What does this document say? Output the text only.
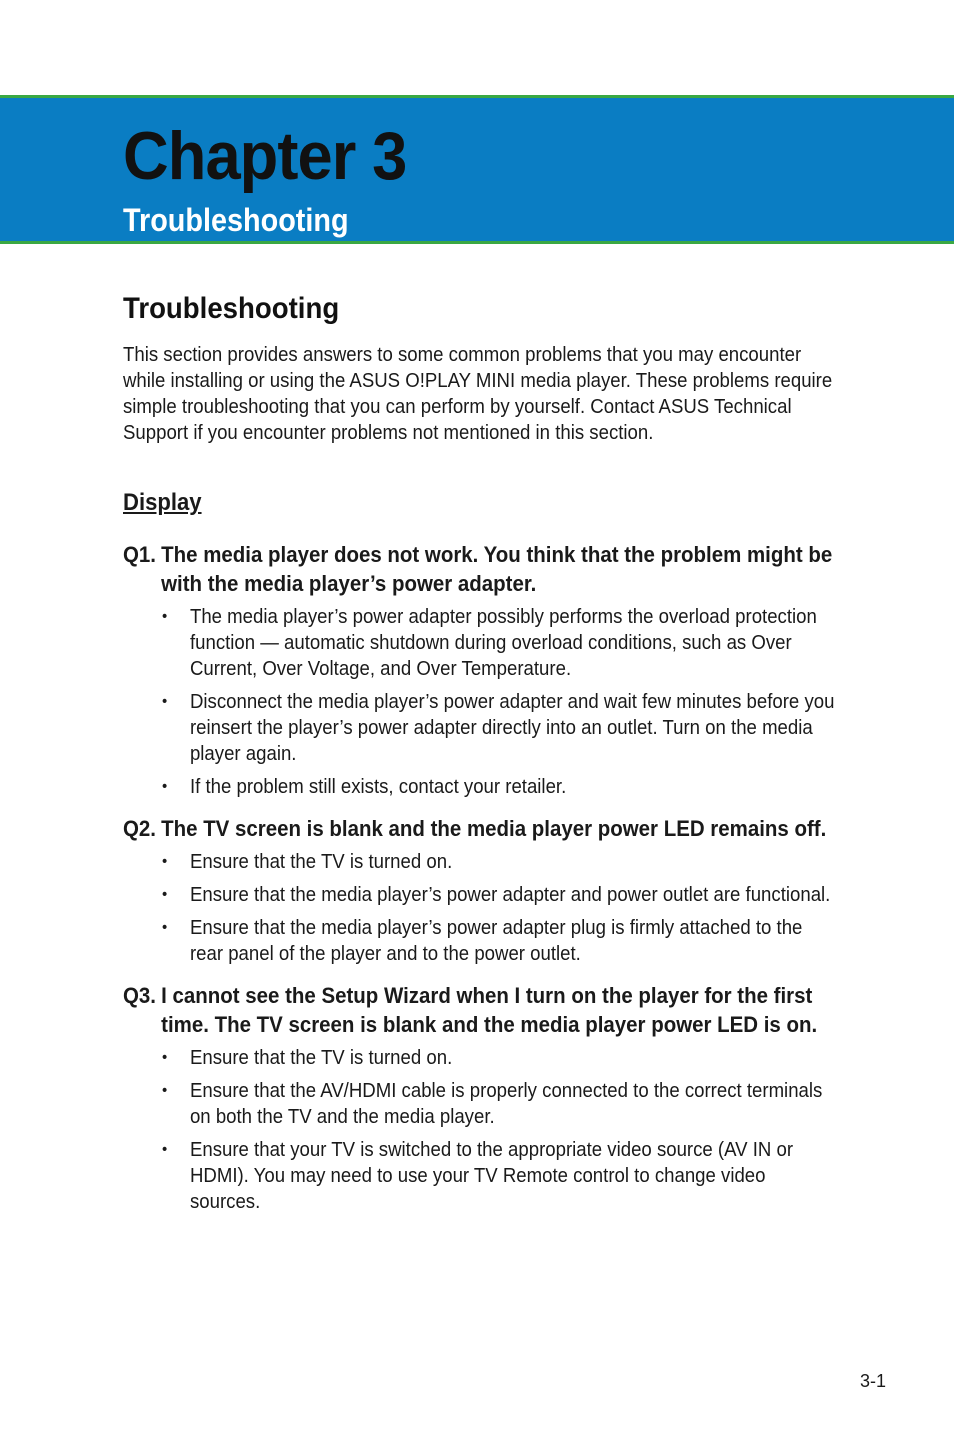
Chapter 3
Troubleshooting
Troubleshooting

This section provides answers to some common problems that you may encounter while installing or using the ASUS O!PLAY MINI media player. These problems require simple troubleshooting that you can perform by yourself. Contact ASUS Technical Support if you encounter problems not mentioned in this section.

Display
Q1. The media player does not work. You think that the problem might be with the media player’s power adapter.
•	The media player’s power adapter possibly performs the overload protection function — automatic shutdown during overload conditions, such as Over Current, Over Voltage, and Over Temperature.
•	Disconnect the media player’s power adapter and wait few minutes before you reinsert the player’s power adapter directly into an outlet. Turn on the media player again.
•	If the problem still exists, contact your retailer.
Q2. The TV screen is blank and the media player power LED remains off.
•	Ensure that the TV is turned on.
•	Ensure that the media player’s power adapter and power outlet are functional.
•	Ensure that the media player’s power adapter plug is firmly attached to the rear panel of the player and to the power outlet.
Q3. I cannot see the Setup Wizard when I turn on the player for the first time. The TV screen is blank and the media player power LED is on.
•	Ensure that the TV is turned on.
•	Ensure that the AV/HDMI cable is properly connected to the correct terminals on both the TV and the media player.
•	Ensure that your TV is switched to the appropriate video source (AV IN or HDMI). You may need to use your TV Remote control to change video sources.
3-1
